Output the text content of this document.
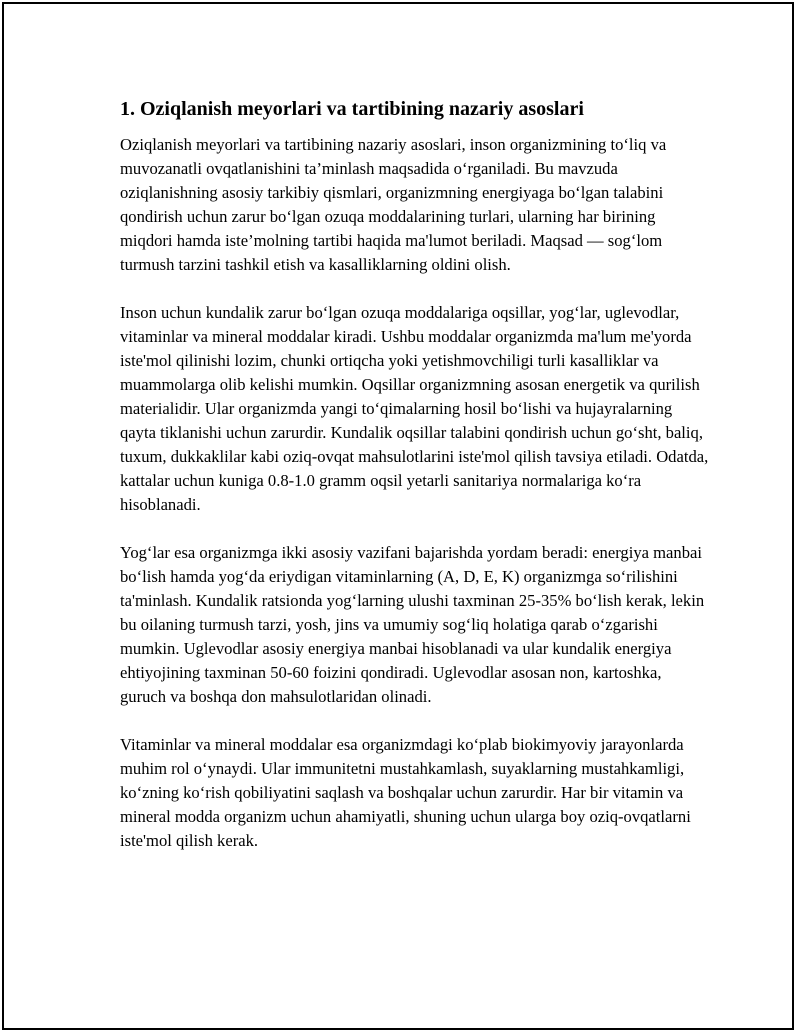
1. Oziqlanish meyorlari va tartibining nazariy asoslari

Oziqlanish meyorlari va tartibining nazariy asoslari, inson organizmining to‘liq va muvozanatli ovqatlanishini ta’minlash maqsadida o‘rganiladi. Bu mavzuda oziqlanishning asosiy tarkibiy qismlari, organizmning energiyaga bo‘lgan talabini qondirish uchun zarur bo‘lgan ozuqa moddalarining turlari, ularning har birining miqdori hamda iste’molning tartibi haqida ma'lumot beriladi. Maqsad — sog‘lom turmush tarzini tashkil etish va kasalliklarning oldini olish.

Inson uchun kundalik zarur bo‘lgan ozuqa moddalariga oqsillar, yog‘lar, uglevodlar, vitaminlar va mineral moddalar kiradi. Ushbu moddalar organizmda ma'lum me'yorda iste'mol qilinishi lozim, chunki ortiqcha yoki yetishmovchiligi turli kasalliklar va muammolarga olib kelishi mumkin. Oqsillar organizmning asosan energetik va qurilish materialidir. Ular organizmda yangi to‘qimalarning hosil bo‘lishi va hujayralarning qayta tiklanishi uchun zarurdir. Kundalik oqsillar talabini qondirish uchun go‘sht, baliq, tuxum, dukkaklilar kabi oziq-ovqat mahsulotlarini iste'mol qilish tavsiya etiladi. Odatda, kattalar uchun kuniga 0.8-1.0 gramm oqsil yetarli sanitariya normalariga ko‘ra hisoblanadi.

Yog‘lar esa organizmga ikki asosiy vazifani bajarishda yordam beradi: energiya manbai bo‘lish hamda yog‘da eriydigan vitaminlarning (A, D, E, K) organizmga so‘rilishini ta'minlash. Kundalik ratsionda yog‘larning ulushi taxminan 25-35% bo‘lish kerak, lekin bu oilaning turmush tarzi, yosh, jins va umumiy sog‘liq holatiga qarab o‘zgarishi mumkin. Uglevodlar asosiy energiya manbai hisoblanadi va ular kundalik energiya ehtiyojining taxminan 50-60 foizini qondiradi. Uglevodlar asosan non, kartoshka, guruch va boshqa don mahsulotlaridan olinadi.

Vitaminlar va mineral moddalar esa organizmdagi ko‘plab biokimyoviy jarayonlarda muhim rol o‘ynaydi. Ular immunitetni mustahkamlash, suyaklarning mustahkamligi, ko‘zning ko‘rish qobiliyatini saqlash va boshqalar uchun zarurdir. Har bir vitamin va mineral modda organizm uchun ahamiyatli, shuning uchun ularga boy oziq-ovqatlarni iste'mol qilish kerak.
